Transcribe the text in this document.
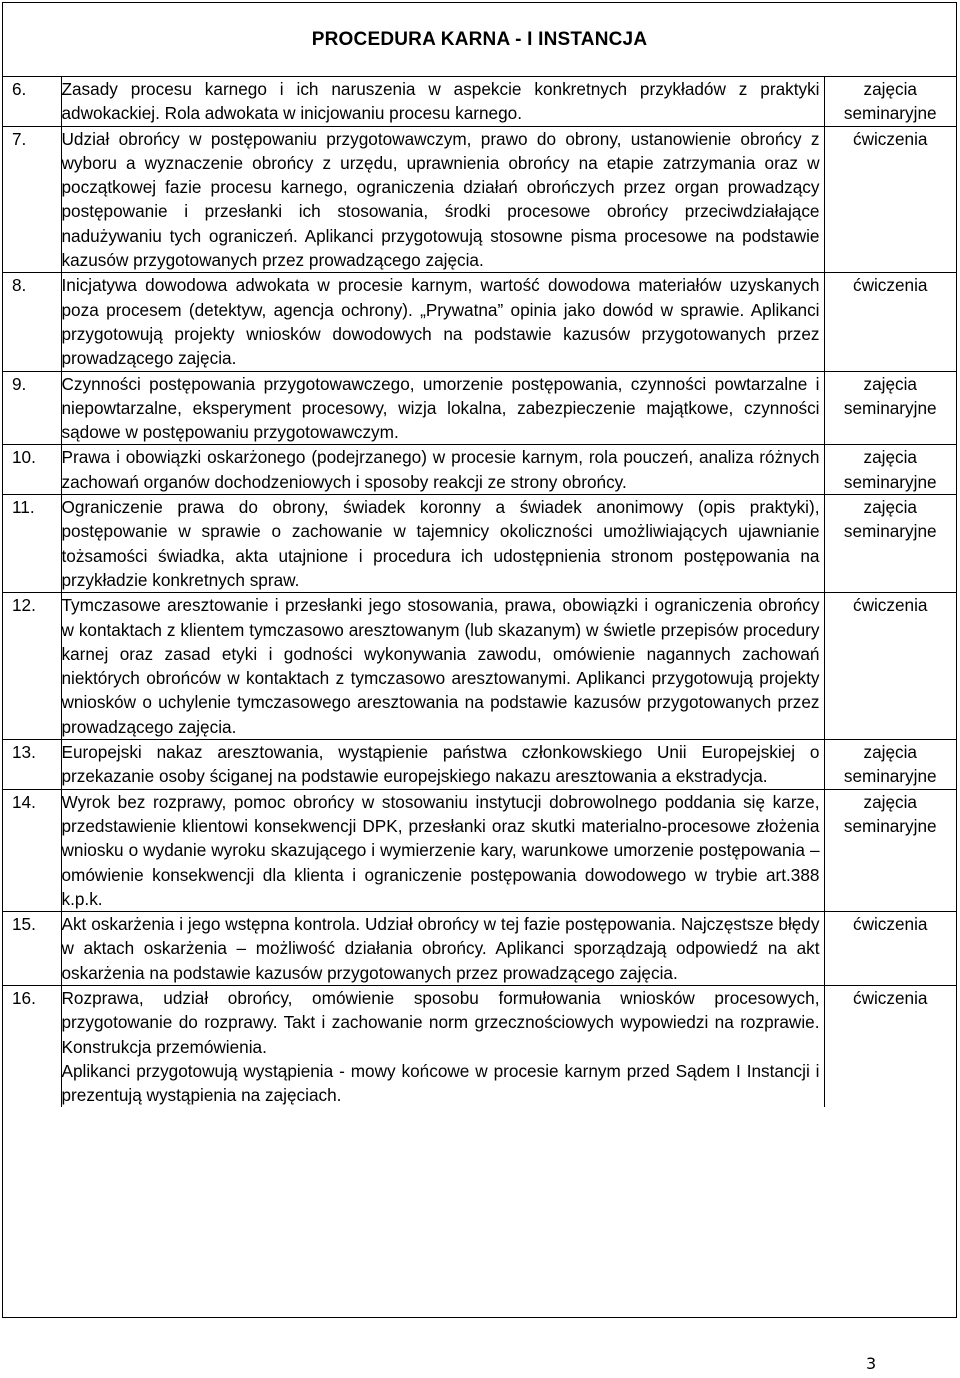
PROCEDURA KARNA - I INSTANCJA
6.	Zasady procesu karnego i ich naruszenia w aspekcie konkretnych przykładów z praktyki adwokackiej. Rola adwokata w inicjowaniu procesu karnego.	zajęcia
seminaryjne

7.	Udział obrońcy w postępowaniu przygotowawczym, prawo do obrony, ustanowienie obrońcy z wyboru a wyznaczenie obrońcy z urzędu, uprawnienia obrońcy na etapie zatrzymania oraz w początkowej fazie procesu karnego, ograniczenia działań obrończych przez organ prowadzący postępowanie i przesłanki ich stosowania, środki procesowe obrońcy przeciwdziałające nadużywaniu tych ograniczeń. Aplikanci przygotowują stosowne pisma procesowe na podstawie kazusów przygotowanych przez prowadzącego zajęcia.	ćwiczenia

8.	Inicjatywa dowodowa adwokata w procesie karnym, wartość dowodowa materiałów uzyskanych poza procesem (detektyw, agencja ochrony). „Prywatna” opinia jako dowód w sprawie. Aplikanci przygotowują projekty wniosków dowodowych na podstawie kazusów przygotowanych przez prowadzącego zajęcia.	ćwiczenia

9.	Czynności postępowania przygotowawczego, umorzenie postępowania, czynności powtarzalne i niepowtarzalne, eksperyment procesowy, wizja lokalna, zabezpieczenie majątkowe, czynności sądowe w postępowaniu przygotowawczym.	zajęcia
seminaryjne

10.	Prawa i obowiązki oskarżonego (podejrzanego) w procesie karnym, rola pouczeń, analiza różnych zachowań organów dochodzeniowych i sposoby reakcji ze strony obrońcy.	zajęcia
seminaryjne

11.	Ograniczenie prawa do obrony, świadek koronny a świadek anonimowy (opis praktyki), postępowanie w sprawie o zachowanie w tajemnicy okoliczności umożliwiających ujawnianie tożsamości świadka, akta utajnione i procedura ich udostępnienia stronom postępowania na przykładzie konkretnych spraw.	zajęcia
seminaryjne

12.	Tymczasowe aresztowanie i przesłanki jego stosowania, prawa, obowiązki i ograniczenia obrońcy w kontaktach z klientem tymczasowo aresztowanym (lub skazanym) w świetle przepisów procedury karnej oraz zasad etyki i godności wykonywania zawodu, omówienie nagannych zachowań niektórych obrońców w kontaktach z tymczasowo aresztowanymi. Aplikanci przygotowują projekty wniosków o uchylenie tymczasowego aresztowania na podstawie kazusów przygotowanych przez prowadzącego zajęcia.	ćwiczenia

13.	Europejski nakaz aresztowania, wystąpienie państwa członkowskiego Unii Europejskiej o przekazanie osoby ściganej na podstawie europejskiego nakazu aresztowania a ekstradycja.	zajęcia
seminaryjne

14.	Wyrok bez rozprawy, pomoc obrońcy w stosowaniu instytucji dobrowolnego poddania się karze, przedstawienie klientowi konsekwencji DPK, przesłanki oraz skutki materialno-procesowe złożenia wniosku o wydanie wyroku skazującego i wymierzenie kary, warunkowe umorzenie postępowania – omówienie konsekwencji dla klienta i ograniczenie postępowania dowodowego w trybie art.388 k.p.k.	zajęcia
seminaryjne

15.	Akt oskarżenia i jego wstępna kontrola. Udział obrońcy w tej fazie postępowania. Najczęstsze błędy w aktach oskarżenia – możliwość działania obrońcy. Aplikanci sporządzają odpowiedź na akt oskarżenia na podstawie kazusów przygotowanych przez prowadzącego zajęcia.	ćwiczenia

16.	Rozprawa, udział obrońcy, omówienie sposobu formułowania wniosków procesowych, przygotowanie do rozprawy. Takt i zachowanie norm grzecznościowych wypowiedzi na rozprawie. Konstrukcja przemówienia.
Aplikanci przygotowują wystąpienia - mowy końcowe w procesie karnym przed Sądem I Instancji i prezentują wystąpienia na zajęciach.	ćwiczenia
3
